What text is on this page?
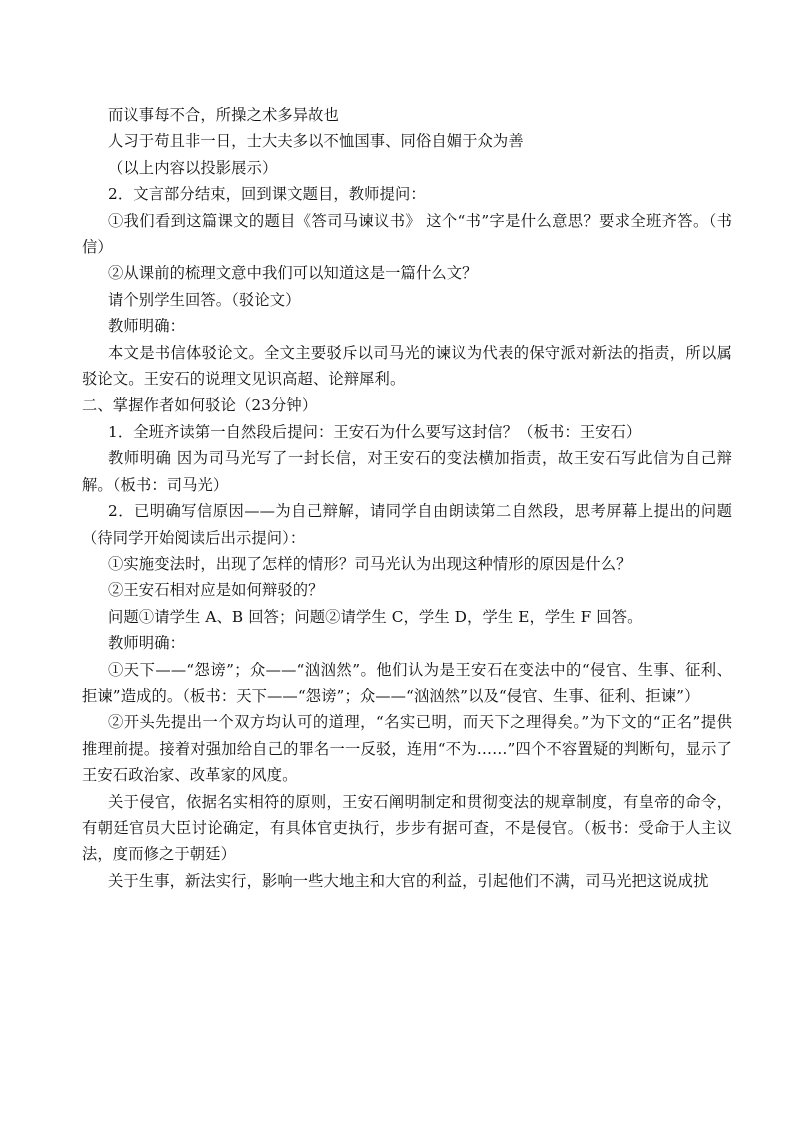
而议事每不合，所操之术多异故也

人习于苟且非一日，士大夫多以不恤国事、同俗自媚于众为善

（以上内容以投影展示）

2．文言部分结束，回到课文题目，教师提问：

①我们看到这篇课文的题目《答司马谏议书》 这个“书”字是什么意思？要求全班齐答。（书信）

②从课前的梳理文意中我们可以知道这是一篇什么文？

请个别学生回答。（驳论文）

教师明确：

本文是书信体驳论文。全文主要驳斥以司马光的谏议为代表的保守派对新法的指责，所以属驳论文。王安石的说理文见识高超、论辩犀利。

二、掌握作者如何驳论（23分钟）

1．全班齐读第一自然段后提问：王安石为什么要写这封信？（板书：王安石）

教师明确 因为司马光写了一封长信，对王安石的变法横加指责，故王安石写此信为自己辩解。（板书：司马光）

2．已明确写信原因——为自己辩解，请同学自由朗读第二自然段，思考屏幕上提出的问题（待同学开始阅读后出示提问）：

①实施变法时，出现了怎样的情形？司马光认为出现这种情形的原因是什么？

②王安石相对应是如何辩驳的？

问题①请学生 A、B 回答；问题②请学生 C，学生 D，学生 E，学生 F 回答。

教师明确：

①天下——“怨谤”；众——“汹汹然”。他们认为是王安石在变法中的“侵官、生事、征利、拒谏”造成的。（板书：天下——“怨谤”；众——“汹汹然”以及“侵官、生事、征利、拒谏”）

②开头先提出一个双方均认可的道理，“名实已明，而天下之理得矣。”为下文的“正名”提供推理前提。接着对强加给自己的罪名一一反驳，连用“不为……”四个不容置疑的判断句，显示了王安石政治家、改革家的风度。

关于侵官，依据名实相符的原则，王安石阐明制定和贯彻变法的规章制度，有皇帝的命令，有朝廷官员大臣讨论确定，有具体官吏执行，步步有据可查，不是侵官。（板书：受命于人主议法，度而修之于朝廷）

关于生事，新法实行，影响一些大地主和大官的利益，引起他们不满，司马光把这说成扰
